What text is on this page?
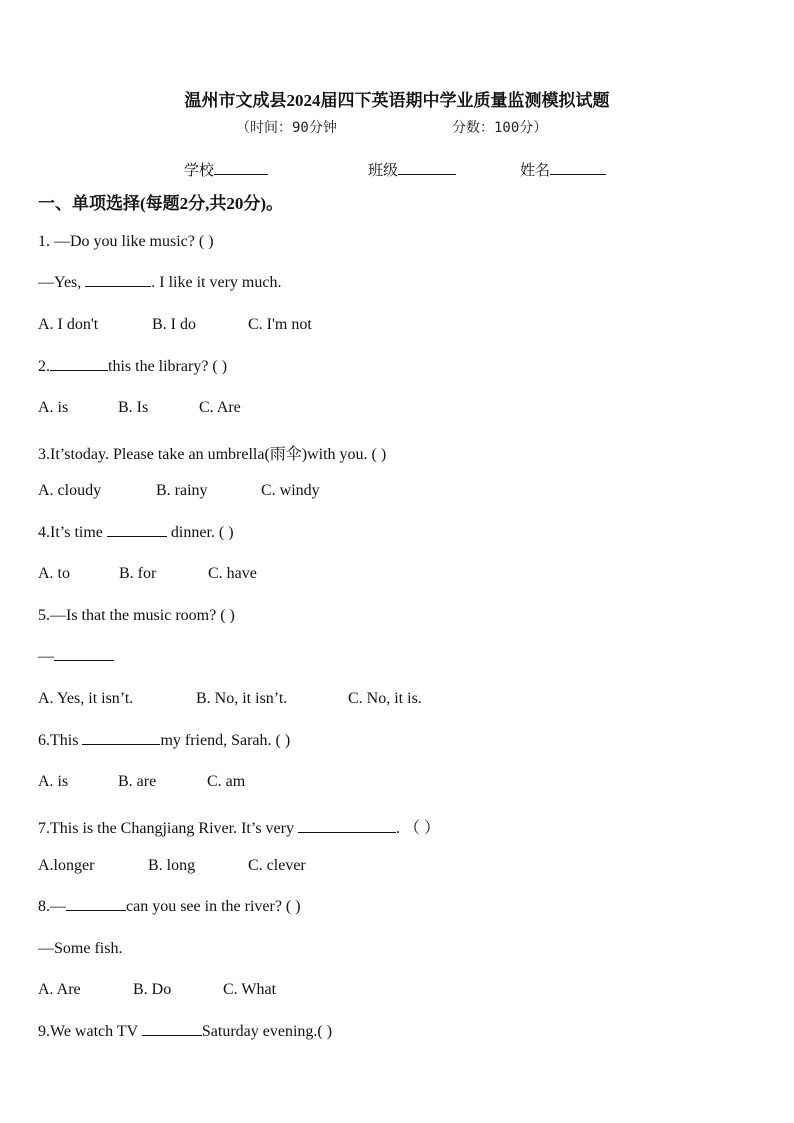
温州市文成县2024届四下英语期中学业质量监测模拟试题
（时间：90分钟	分数：100分）
学校	班级	姓名
一、单项选择(每题2分,共20分)。
1. —Do you like music? ( )
—Yes,	. I like it very much.
A. I don't	B. I do	C. I'm not
2.	this the library? ( )
A. is	B. Is	C. Are
3.It’stoday. Please take an umbrella(雨伞)with you. ( )
A. cloudy	B. rainy	C. windy
4.It’s time	dinner. ( )
A. to	B. for	C. have
5.—Is that the music room? ( )
—
A. Yes, it isn’t.	B. No, it isn’t.	C. No, it is.
6.This	my friend, Sarah. ( )
A. is	B. are	C. am
7.This is the Changjiang River. It’s very	. （ ）
A.longer	B. long	C. clever
8.—	can you see in the river? ( )
—Some fish.
A. Are	B. Do	C. What
9.We watch TV	Saturday evening.( )
